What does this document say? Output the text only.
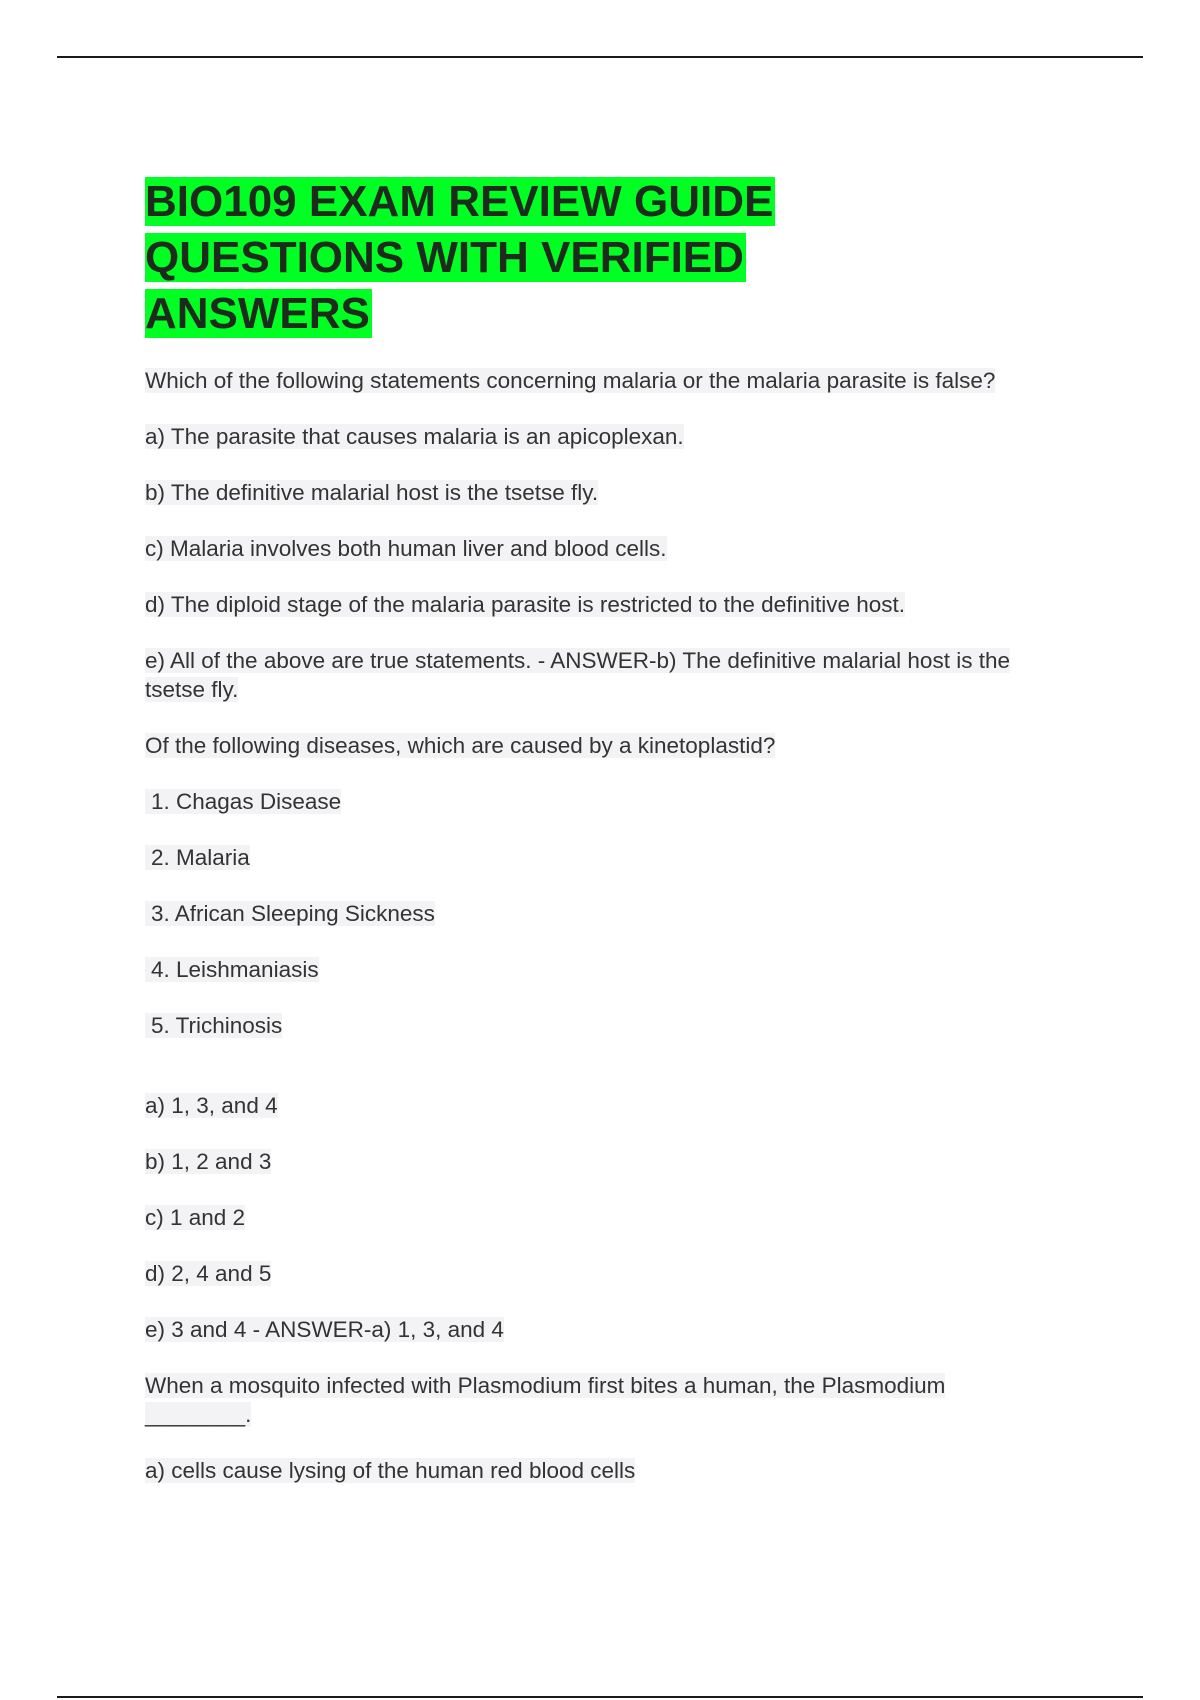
BIO109 EXAM REVIEW GUIDE QUESTIONS WITH VERIFIED ANSWERS

Which of the following statements concerning malaria or the malaria parasite is false?

a) The parasite that causes malaria is an apicoplexan.

b) The definitive malarial host is the tsetse fly.

c) Malaria involves both human liver and blood cells.

d) The diploid stage of the malaria parasite is restricted to the definitive host.

e) All of the above are true statements. - ANSWER-b) The definitive malarial host is the tsetse fly.

Of the following diseases, which are caused by a kinetoplastid?

1. Chagas Disease

2. Malaria

3. African Sleeping Sickness

4. Leishmaniasis

5. Trichinosis

a) 1, 3, and 4

b) 1, 2 and 3

c) 1 and 2

d) 2, 4 and 5

e) 3 and 4 - ANSWER-a) 1, 3, and 4

When a mosquito infected with Plasmodium first bites a human, the Plasmodium ________.

a) cells cause lysing of the human red blood cells
